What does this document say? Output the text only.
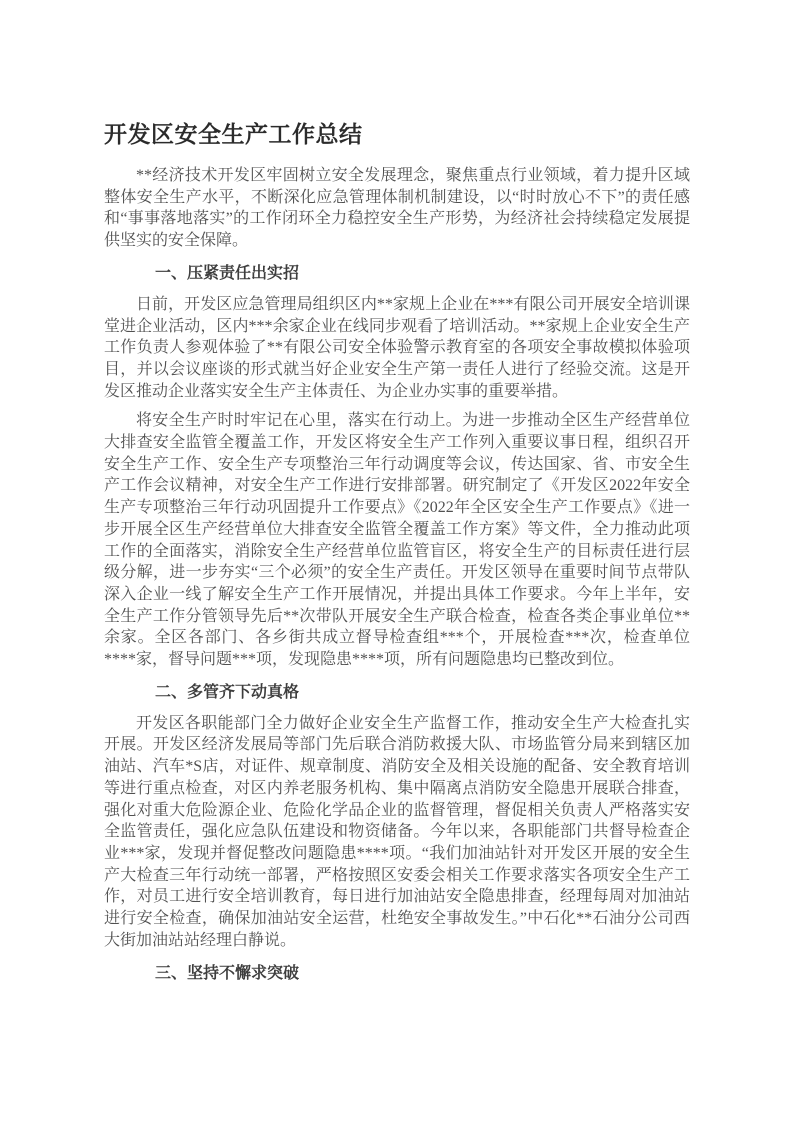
开发区安全生产工作总结

**经济技术开发区牢固树立安全发展理念，聚焦重点行业领域，着力提升区域整体安全生产水平，不断深化应急管理体制机制建设，以“时时放心不下”的责任感和“事事落地落实”的工作闭环全力稳控安全生产形势，为经济社会持续稳定发展提供坚实的安全保障。

一、压紧责任出实招

日前，开发区应急管理局组织区内**家规上企业在***有限公司开展安全培训课堂进企业活动，区内***余家企业在线同步观看了培训活动。**家规上企业安全生产工作负责人参观体验了**有限公司安全体验警示教育室的各项安全事故模拟体验项目，并以会议座谈的形式就当好企业安全生产第一责任人进行了经验交流。这是开发区推动企业落实安全生产主体责任、为企业办实事的重要举措。

将安全生产时时牢记在心里，落实在行动上。为进一步推动全区生产经营单位大排查安全监管全覆盖工作，开发区将安全生产工作列入重要议事日程，组织召开安全生产工作、安全生产专项整治三年行动调度等会议，传达国家、省、市安全生产工作会议精神，对安全生产工作进行安排部署。研究制定了《开发区2022年安全生产专项整治三年行动巩固提升工作要点》《2022年全区安全生产工作要点》《进一步开展全区生产经营单位大排查安全监管全覆盖工作方案》等文件，全力推动此项工作的全面落实，消除安全生产经营单位监管盲区，将安全生产的目标责任进行层级分解，进一步夯实“三个必须”的安全生产责任。开发区领导在重要时间节点带队深入企业一线了解安全生产工作开展情况，并提出具体工作要求。今年上半年，安全生产工作分管领导先后**次带队开展安全生产联合检查，检查各类企事业单位**余家。全区各部门、各乡街共成立督导检查组***个，开展检查***次，检查单位****家，督导问题***项，发现隐患****项，所有问题隐患均已整改到位。

二、多管齐下动真格

开发区各职能部门全力做好企业安全生产监督工作，推动安全生产大检查扎实开展。开发区经济发展局等部门先后联合消防救援大队、市场监管分局来到辖区加油站、汽车*S店，对证件、规章制度、消防安全及相关设施的配备、安全教育培训等进行重点检查，对区内养老服务机构、集中隔离点消防安全隐患开展联合排查，强化对重大危险源企业、危险化学品企业的监督管理，督促相关负责人严格落实安全监管责任，强化应急队伍建设和物资储备。今年以来，各职能部门共督导检查企业***家，发现并督促整改问题隐患****项。“我们加油站针对开发区开展的安全生产大检查三年行动统一部署，严格按照区安委会相关工作要求落实各项安全生产工作，对员工进行安全培训教育，每日进行加油站安全隐患排查，经理每周对加油站进行安全检查，确保加油站安全运营，杜绝安全事故发生。”中石化**石油分公司西大街加油站站经理白静说。

三、坚持不懈求突破
